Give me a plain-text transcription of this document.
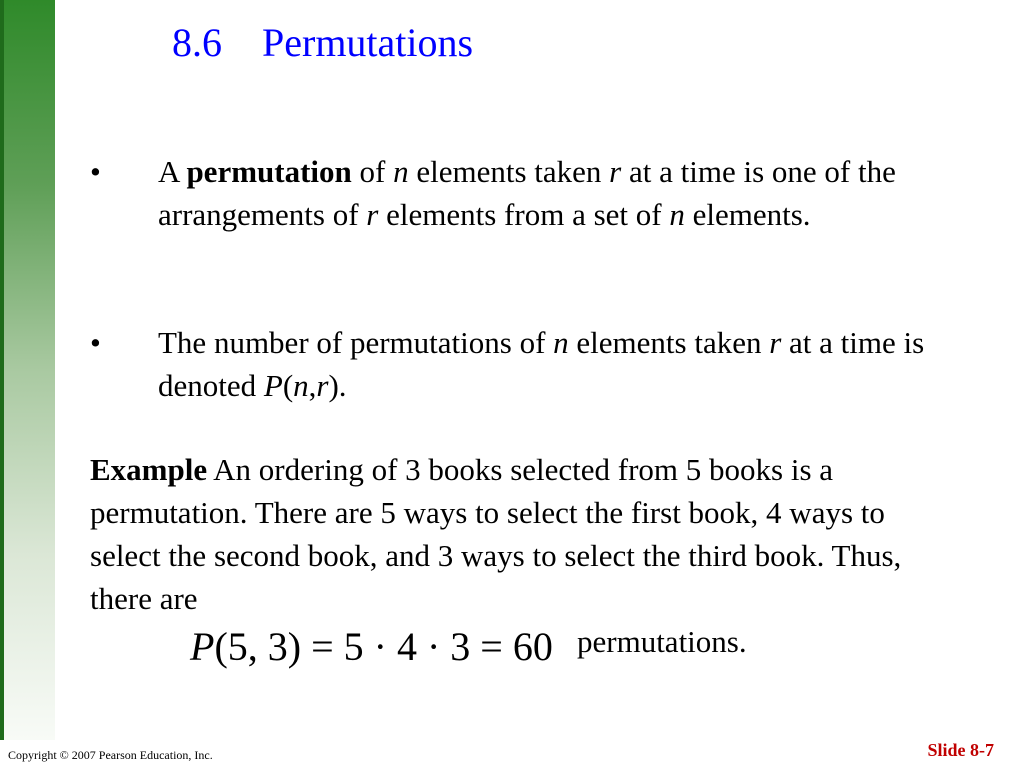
8.6    Permutations
• A permutation of n elements taken r at a time is one of the arrangements of r elements from a set of n elements.
• The number of permutations of n elements taken r at a time is denoted P(n,r).
Example An ordering of 3 books selected from 5 books is a permutation. There are 5 ways to select the first book, 4 ways to select the second book, and 3 ways to select the third book. Thus, there are
P(5, 3) = 5 · 4 · 3 = 60 permutations.
Copyright © 2007 Pearson Education, Inc.	Slide 8-7
